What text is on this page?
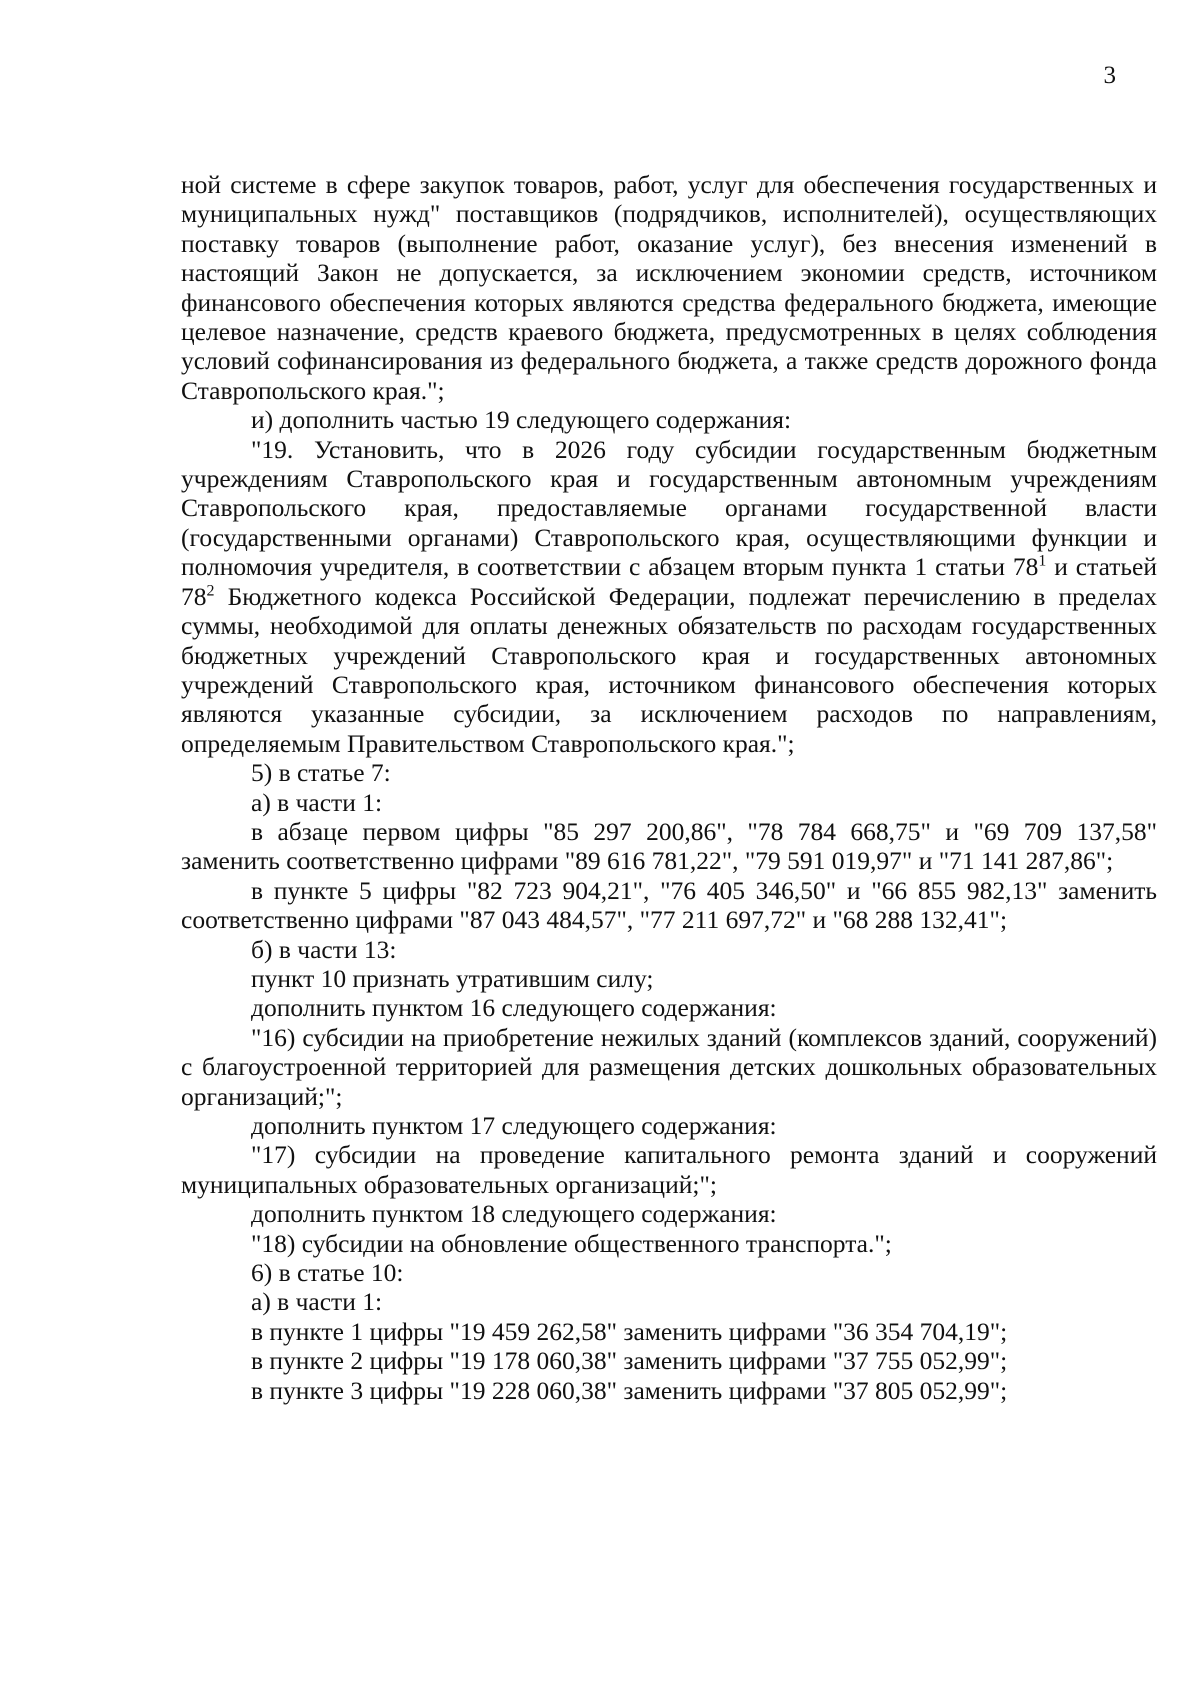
3

ной системе в сфере закупок товаров, работ, услуг для обеспечения государственных и муниципальных нужд" поставщиков (подрядчиков, исполнителей), осуществляющих поставку товаров (выполнение работ, оказание услуг), без внесения изменений в настоящий Закон не допускается, за исключением экономии средств, источником финансового обеспечения которых являются средства федерального бюджета, имеющие целевое назначение, средств краевого бюджета, предусмотренных в целях соблюдения условий софинансирования из федерального бюджета, а также средств дорожного фонда Ставропольского края.";

и) дополнить частью 19 следующего содержания:

"19. Установить, что в 2026 году субсидии государственным бюджетным учреждениям Ставропольского края и государственным автономным учреждениям Ставропольского края, предоставляемые органами государственной власти (государственными органами) Ставропольского края, осуществляющими функции и полномочия учредителя, в соответствии с абзацем вторым пункта 1 статьи $78^1$ и статьей $78^2$ Бюджетного кодекса Российской Федерации, подлежат перечислению в пределах суммы, необходимой для оплаты денежных обязательств по расходам государственных бюджетных учреждений Ставропольского края и государственных автономных учреждений Ставропольского края, источником финансового обеспечения которых являются указанные субсидии, за исключением расходов по направлениям, определяемым Правительством Ставропольского края.";

5) в статье 7:

а) в части 1:

в абзаце первом цифры "85 297 200,86", "78 784 668,75" и "69 709 137,58" заменить соответственно цифрами "89 616 781,22", "79 591 019,97" и "71 141 287,86";

в пункте 5 цифры "82 723 904,21", "76 405 346,50" и "66 855 982,13" заменить соответственно цифрами "87 043 484,57", "77 211 697,72" и "68 288 132,41";

б) в части 13:

пункт 10 признать утратившим силу;

дополнить пунктом 16 следующего содержания:

"16) субсидии на приобретение нежилых зданий (комплексов зданий, сооружений) с благоустроенной территорией для размещения детских дошкольных образовательных организаций;";

дополнить пунктом 17 следующего содержания:

"17) субсидии на проведение капитального ремонта зданий и сооружений муниципальных образовательных организаций;";

дополнить пунктом 18 следующего содержания:

"18) субсидии на обновление общественного транспорта.";

6) в статье 10:

а) в части 1:

в пункте 1 цифры "19 459 262,58" заменить цифрами "36 354 704,19";

в пункте 2 цифры "19 178 060,38" заменить цифрами "37 755 052,99";

в пункте 3 цифры "19 228 060,38" заменить цифрами "37 805 052,99";
